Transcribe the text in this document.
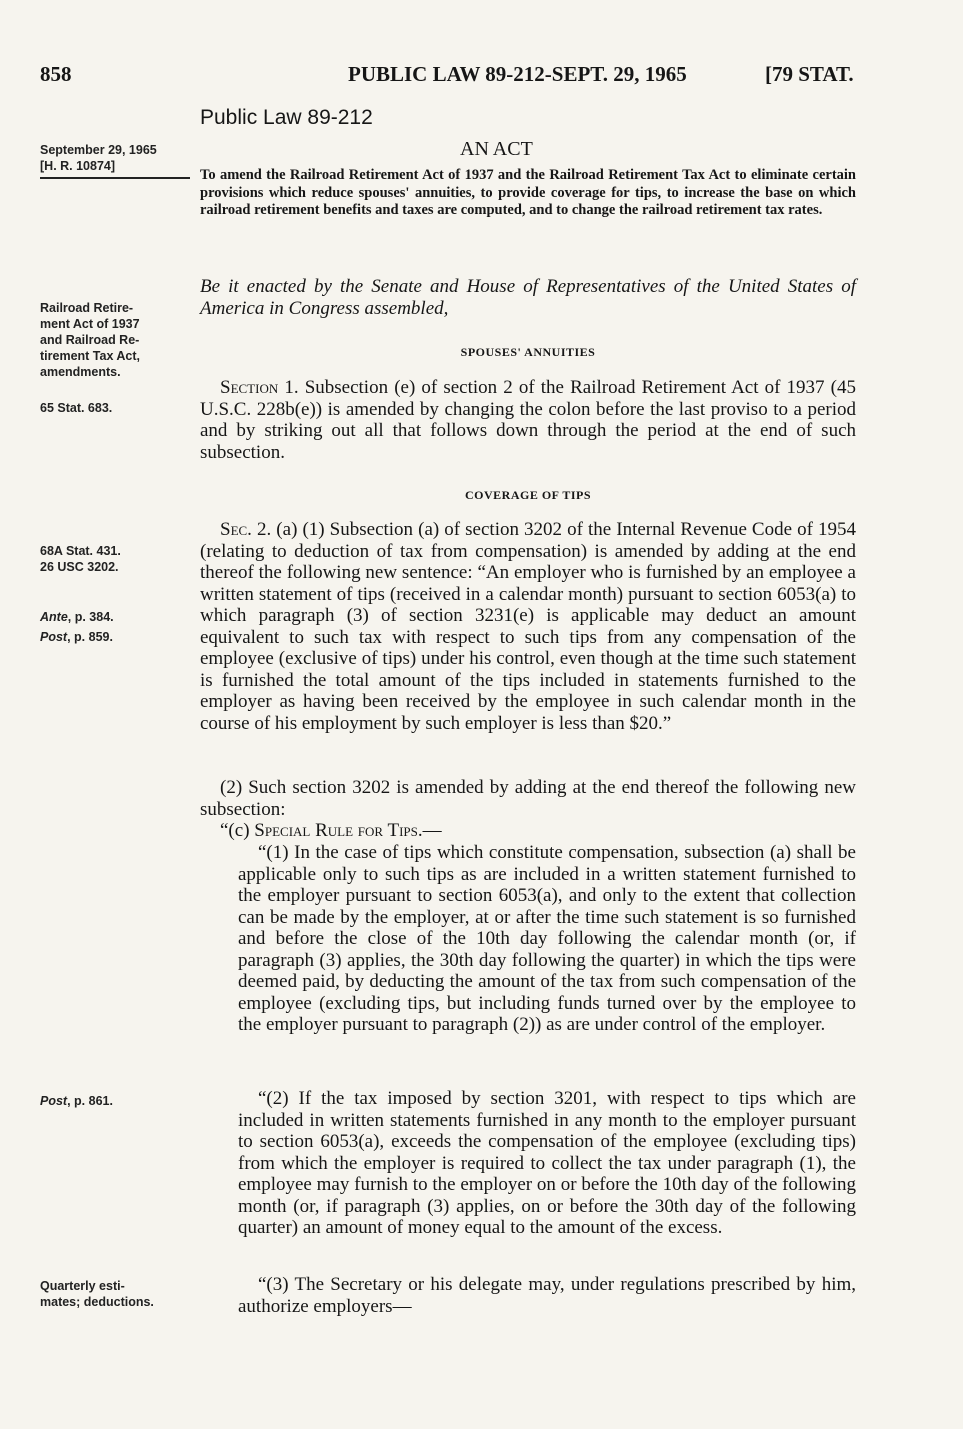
858	PUBLIC LAW 89-212-SEPT. 29, 1965	[79 STAT.
Public Law 89-212
AN ACT
September 29, 1965
[H. R. 10874]
To amend the Railroad Retirement Act of 1937 and the Railroad Retirement Tax Act to eliminate certain provisions which reduce spouses' annuities, to provide coverage for tips, to increase the base on which railroad retirement benefits and taxes are computed, and to change the railroad retirement tax rates.
Be it enacted by the Senate and House of Representatives of the United States of America in Congress assembled,
Railroad Retire-
ment Act of 1937
and Railroad Re-
tirement Tax Act,
amendments.
SPOUSES' ANNUITIES
65 Stat. 683.
Section 1. Subsection (e) of section 2 of the Railroad Retirement Act of 1937 (45 U.S.C. 228b(e)) is amended by changing the colon before the last proviso to a period and by striking out all that follows down through the period at the end of such subsection.
COVERAGE OF TIPS
68A Stat. 431.
26 USC 3202.
Ante, p. 384.
Post, p. 859.
Sec. 2. (a) (1) Subsection (a) of section 3202 of the Internal Revenue Code of 1954 (relating to deduction of tax from compensation) is amended by adding at the end thereof the following new sentence: “An employer who is furnished by an employee a written statement of tips (received in a calendar month) pursuant to section 6053(a) to which paragraph (3) of section 3231(e) is applicable may deduct an amount equivalent to such tax with respect to such tips from any compensation of the employee (exclusive of tips) under his control, even though at the time such statement is furnished the total amount of the tips included in statements furnished to the employer as having been received by the employee in such calendar month in the course of his employment by such employer is less than $20.”
(2) Such section 3202 is amended by adding at the end thereof the following new subsection:
“(c) Special Rule for Tips.—
“(1) In the case of tips which constitute compensation, subsection (a) shall be applicable only to such tips as are included in a written statement furnished to the employer pursuant to section 6053(a), and only to the extent that collection can be made by the employer, at or after the time such statement is so furnished and before the close of the 10th day following the calendar month (or, if paragraph (3) applies, the 30th day following the quarter) in which the tips were deemed paid, by deducting the amount of the tax from such compensation of the employee (excluding tips, but including funds turned over by the employee to the employer pursuant to paragraph (2)) as are under control of the employer.
Post, p. 861.	“(2) If the tax imposed by section 3201, with respect to tips which are included in written statements furnished in any month to the employer pursuant to section 6053(a), exceeds the compensation of the employee (excluding tips) from which the employer is required to collect the tax under paragraph (1), the employee may furnish to the employer on or before the 10th day of the following month (or, if paragraph (3) applies, on or before the 30th day of the following quarter) an amount of money equal to the amount of the excess.
Quarterly esti-
mates; deductions.
“(3) The Secretary or his delegate may, under regulations prescribed by him, authorize employers—
